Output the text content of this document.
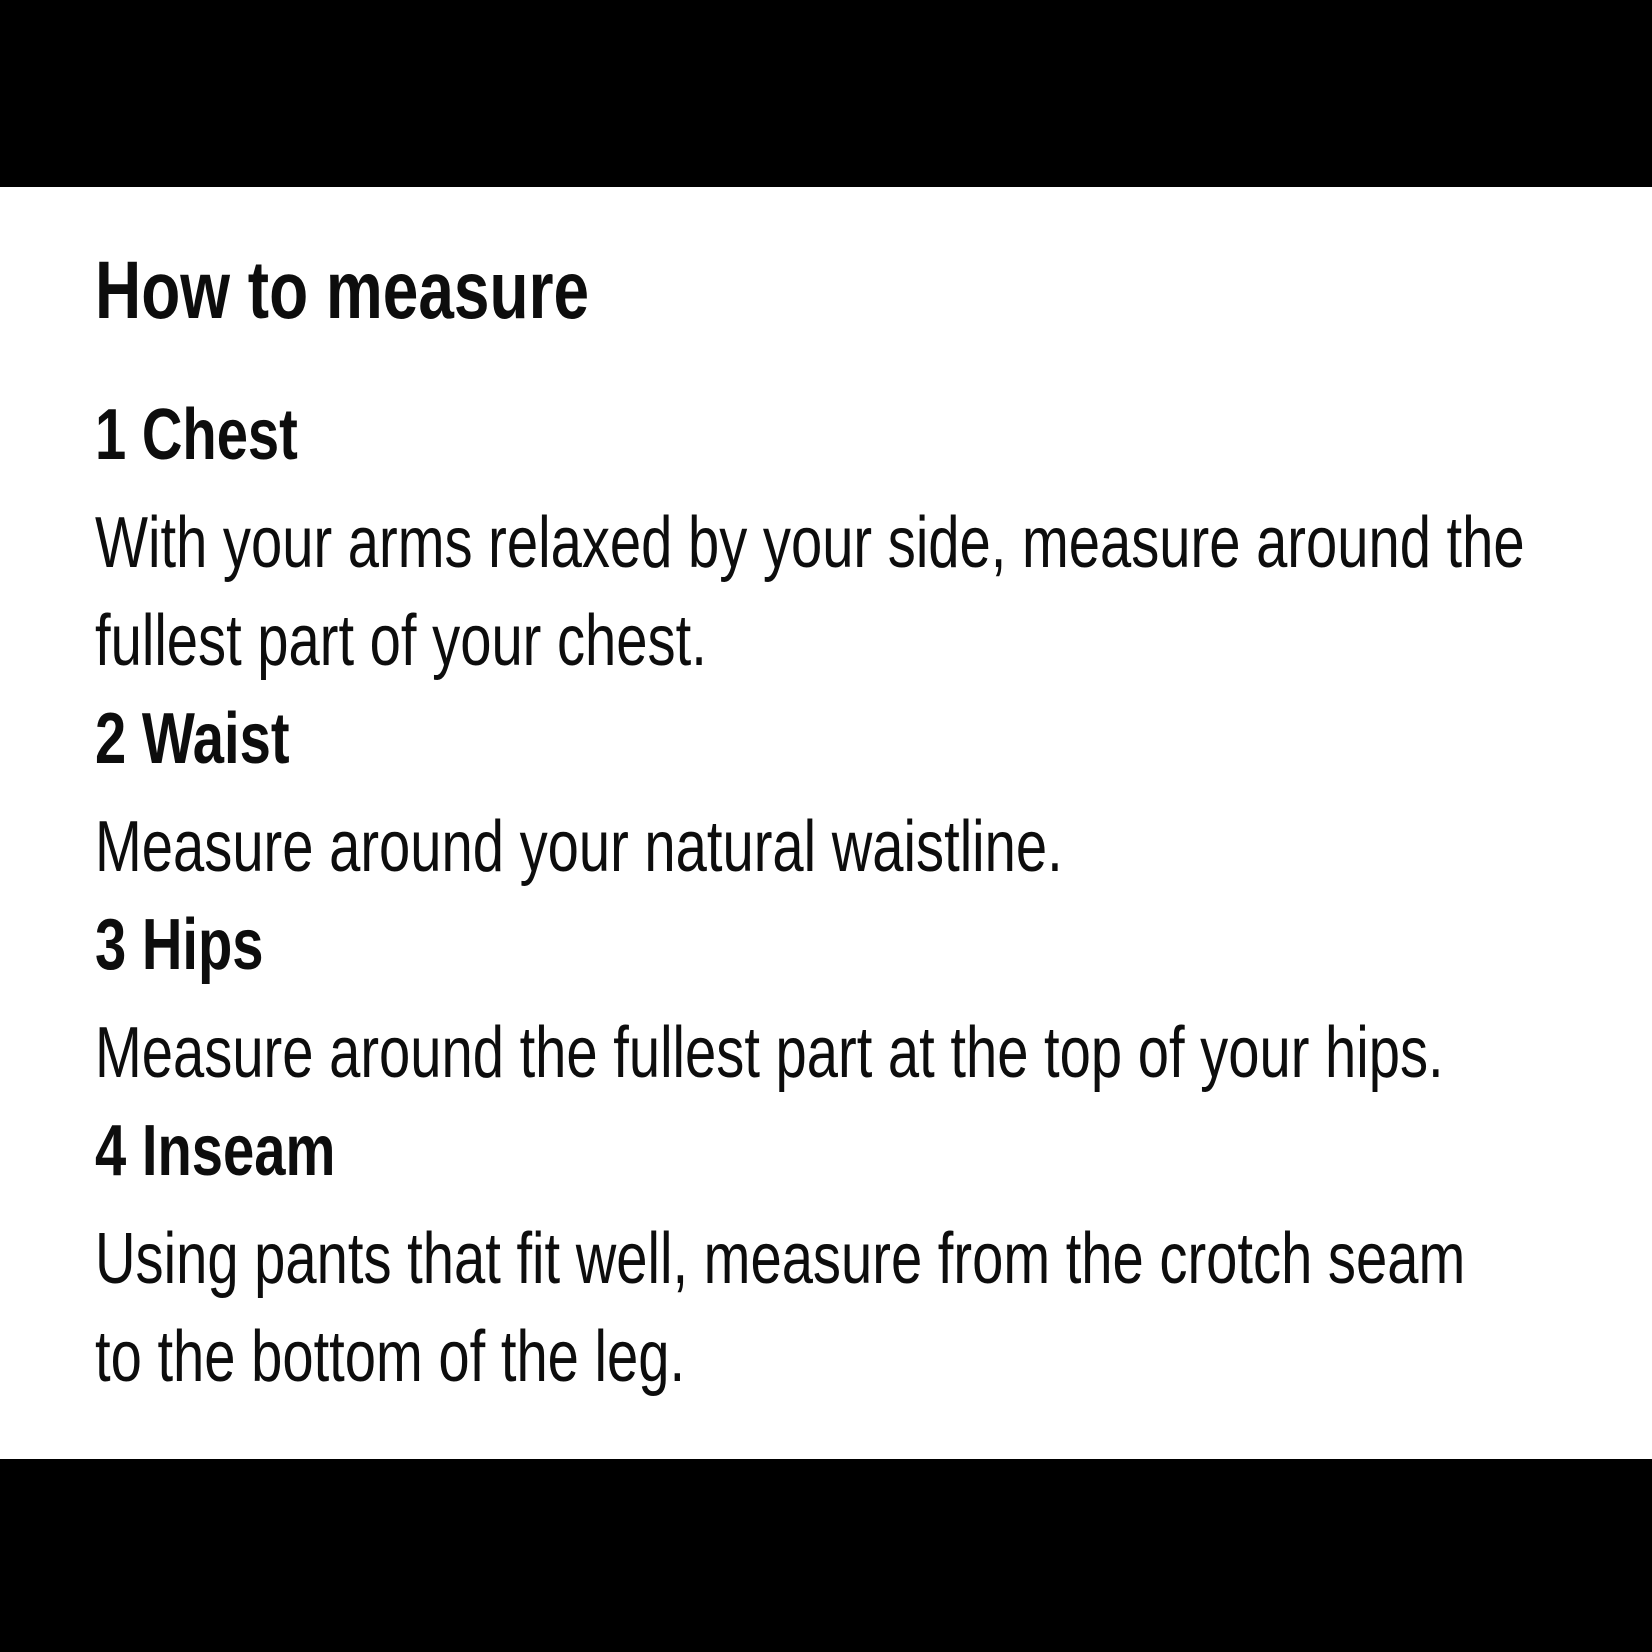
How to measure
1 Chest
With your arms relaxed by your side, measure around the
fullest part of your chest.
2 Waist
Measure around your natural waistline.
3 Hips
Measure around the fullest part at the top of your hips.
4 Inseam
Using pants that fit well, measure from the crotch seam
to the bottom of the leg.
